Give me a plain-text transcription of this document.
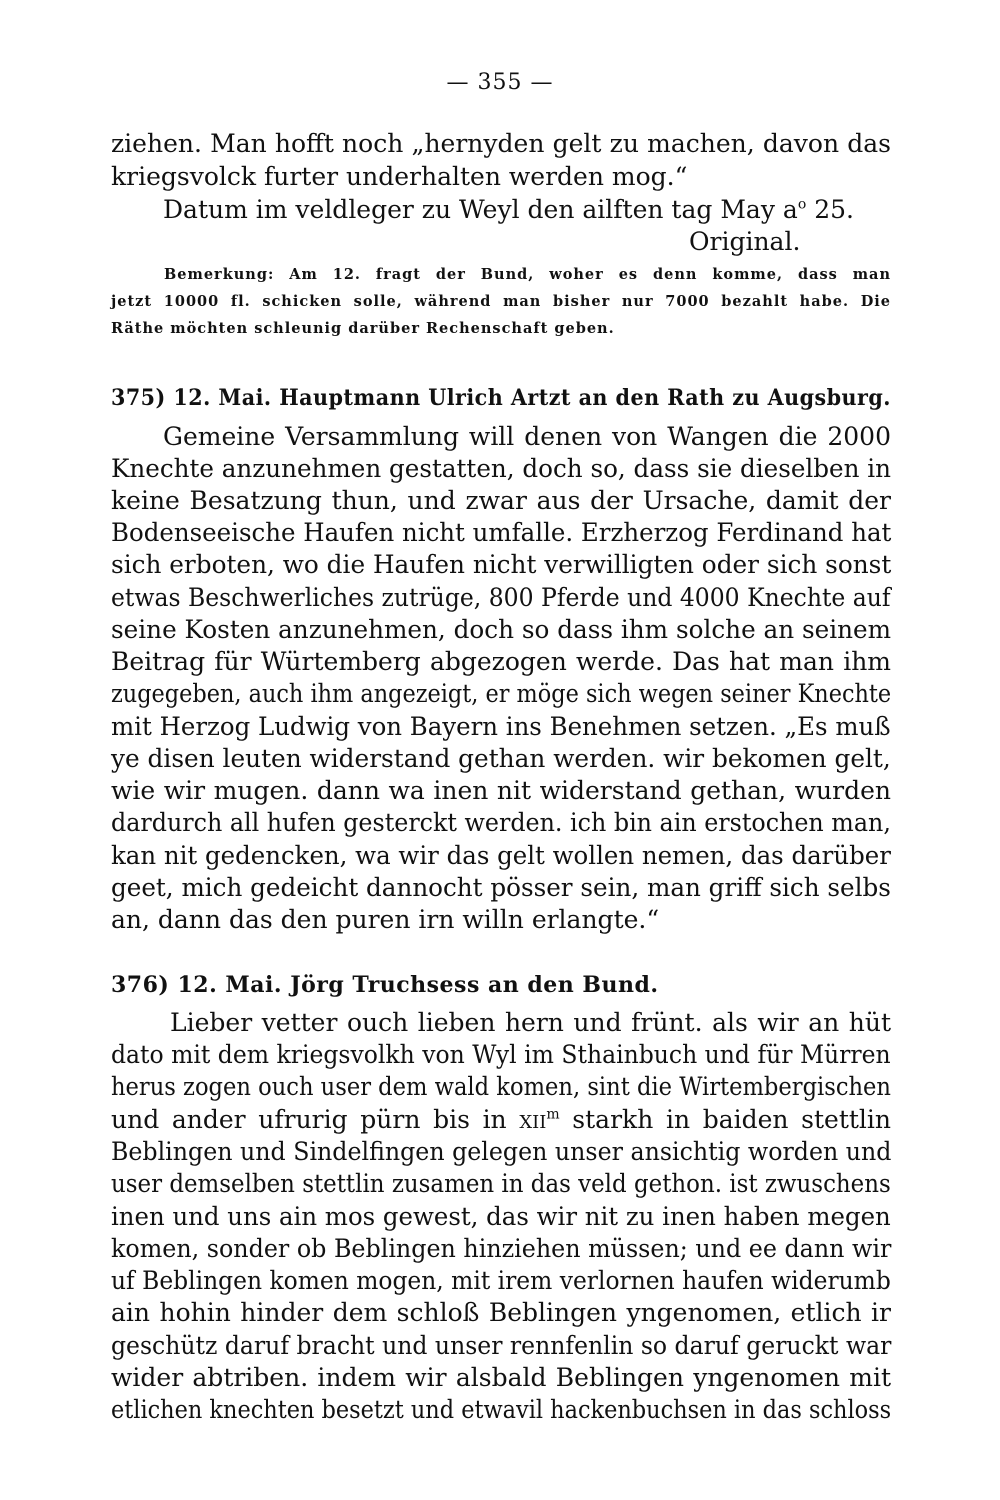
— 355 —
ziehen. Man hofft noch „hernyden gelt zu machen, davon das
kriegsvolck furter underhalten werden mog.“
Datum im veldleger zu Weyl den ailften tag May $a^o$ 25.
Original.
Bemerkung: Am 12. fragt der Bund, woher es denn komme, dass man
jetzt 10000 fl. schicken solle, während man bisher nur 7000 bezahlt habe. Die
Räthe möchten schleunig darüber Rechenschaft geben.
375) 12. Mai. Hauptmann Ulrich Artzt an den Rath zu Augsburg.
Gemeine Versammlung will denen von Wangen die 2000
Knechte anzunehmen gestatten, doch so, dass sie dieselben in
keine Besatzung thun, und zwar aus der Ursache, damit der
Bodenseeische Haufen nicht umfalle. Erzherzog Ferdinand hat
sich erboten, wo die Haufen nicht verwilligten oder sich sonst
etwas Beschwerliches zutrüge, 800 Pferde und 4000 Knechte auf
seine Kosten anzunehmen, doch so dass ihm solche an seinem
Beitrag für Würtemberg abgezogen werde. Das hat man ihm
zugegeben, auch ihm angezeigt, er möge sich wegen seiner Knechte
mit Herzog Ludwig von Bayern ins Benehmen setzen. „Es muß
ye disen leuten widerstand gethan werden. wir bekomen gelt,
wie wir mugen. dann wa inen nit widerstand gethan, wurden
dardurch all hufen gesterckt werden. ich bin ain erstochen man,
kan nit gedencken, wa wir das gelt wollen nemen, das darüber
geet, mich gedeicht dannocht pösser sein, man griff sich selbs
an, dann das den puren irn willn erlangte.“
376) 12. Mai. Jörg Truchsess an den Bund.
Lieber vetter ouch lieben hern und frünt. als wir an hüt
dato mit dem kriegsvolkh von Wyl im Sthainbuch und für Mürren
herus zogen ouch user dem wald komen, sint die Wirtembergischen
und ander ufrurig pürn bis in XII$^m$ starkh in baiden stettlin
Beblingen und Sindelfingen gelegen unser ansichtig worden und
user demselben stettlin zusamen in das veld gethon. ist zwuschens
inen und uns ain mos gewest, das wir nit zu inen haben megen
komen, sonder ob Beblingen hinziehen müssen; und ee dann wir
uf Beblingen komen mogen, mit irem verlornen haufen widerumb
ain hohin hinder dem schloß Beblingen yngenomen, etlich ir
geschütz daruf bracht und unser rennfenlin so daruf geruckt war
wider abtriben. indem wir alsbald Beblingen yngenomen mit
etlichen knechten besetzt und etwavil hackenbuchsen in das schloss
